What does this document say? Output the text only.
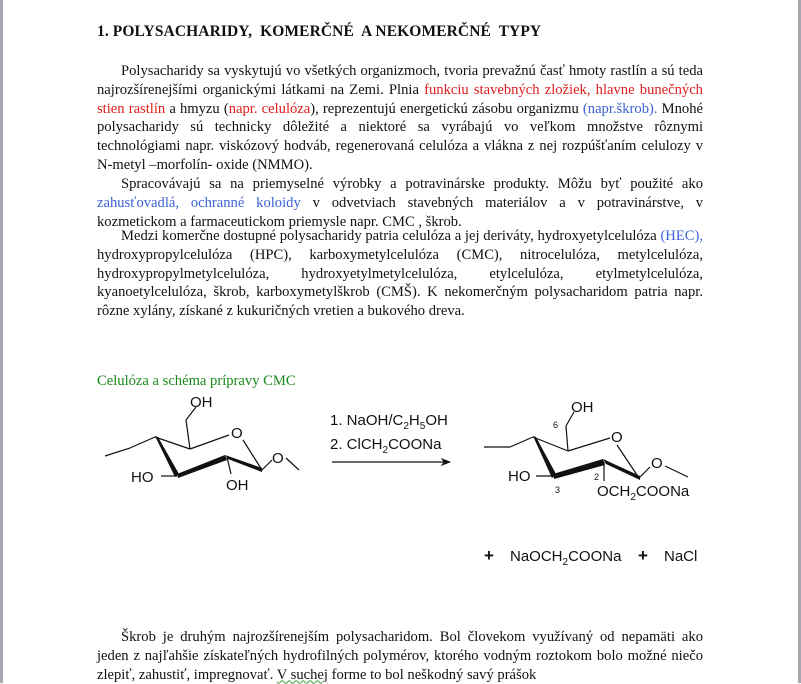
1. POLYSACHARIDY,  KOMERČNÉ  A NEKOMERČNÉ  TYPY

Polysacharidy sa vyskytujú vo všetkých organizmoch, tvoria prevažnú časť hmoty rastlín a sú teda najrozšírenejšími organickými látkami na Zemi. Plnia funkciu stavebných zložiek, hlavne bunečných stien rastlín a hmyzu (napr. celulóza), reprezentujú energetickú zásobu organizmu (napr.škrob). Mnohé polysacharidy sú technicky dôležité a niektoré sa vyrábajú vo veľkom množstve rôznymi technológiami napr. viskózový hodváb, regenerovaná celulóza a vlákna z nej rozpúšťaním celulozy v N-metyl –morfolín- oxide (NMMO).

Spracovávajú sa na priemyselné výrobky a potravinárske produkty. Môžu byť použité ako zahusťovadlá, ochranné koloidy v odvetviach stavebných materiálov a v potravinárstve, v kozmetickom a farmaceutickom priemysle napr. CMC , škrob.

Medzi komerčne dostupné polysacharidy patria celulóza a jej deriváty, hydroxyetylcelulóza (HEC), hydroxypropylcelulóza (HPC), karboxymetylcelulóza (CMC), nitrocelulóza, metylcelulóza, hydroxypropylmetylcelulóza, hydroxyetylmetylcelulóza, etylcelulóza, etylmetylcelulóza, kyanoetylcelulóza, škrob, karboxymetylškrob (CMŠ). K nekomerčným polysacharidom patria napr. rôzne xylány, získané z kukuričných vretien a bukového dreva.

Celulóza a schéma prípravy CMC

Škrob je druhým najrozšírenejším polysacharidom. Bol človekom využívaný od nepamäti ako jeden z najľahšie získateľných hydrofilných polymérov, ktorého vodným roztokom bolo možné niečo zlepiť, zahustiť, impregnovať. V suchej forme to bol neškodný savý prášok

OH
O
HO	OH
O
1. NaOH/$C_2H_5OH$
2. ClCH$_2$COONa
OH
O
HO
O
$OCH_2COONa$
6
3
2
+ NaOCH$_2$COONa + NaCl
